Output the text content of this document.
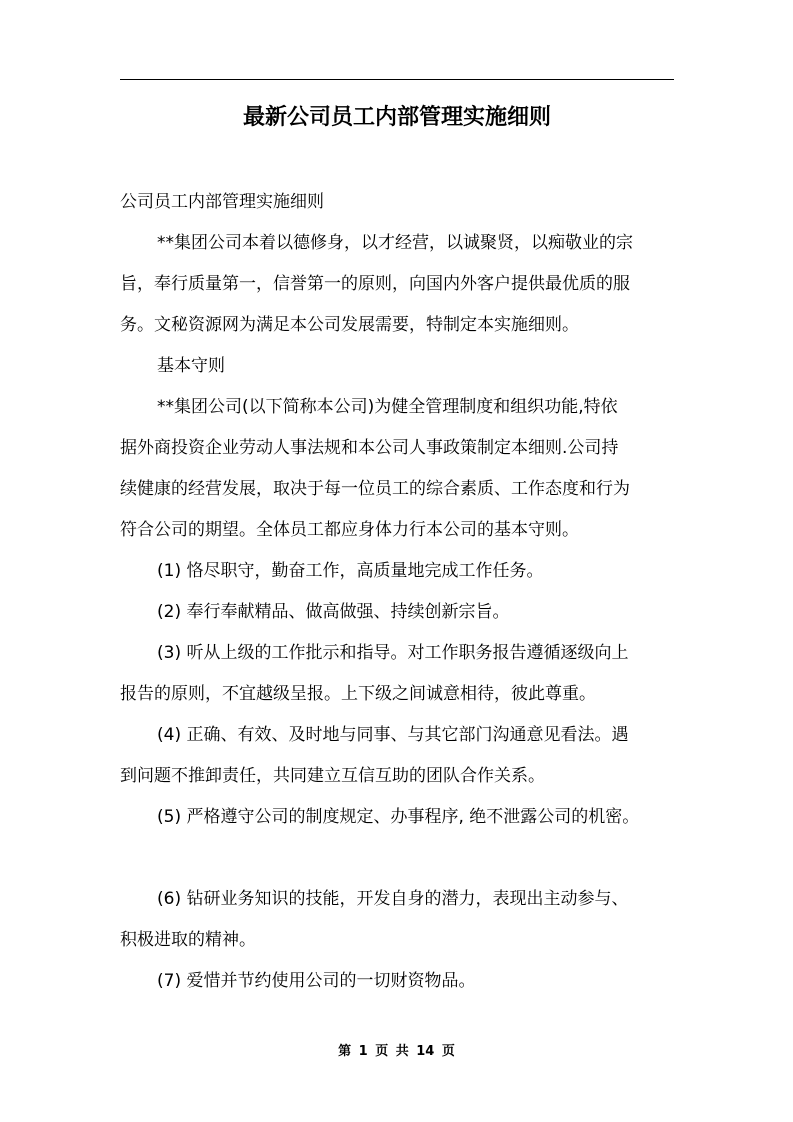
最新公司员工内部管理实施细则

公司员工内部管理实施细则

**集团公司本着以德修身，以才经营，以诚聚贤，以痴敬业的宗

旨，奉行质量第一，信誉第一的原则，向国内外客户提供最优质的服

务。文秘资源网为满足本公司发展需要，特制定本实施细则。

基本守则

**集团公司(以下简称本公司)为健全管理制度和组织功能,特依

据外商投资企业劳动人事法规和本公司人事政策制定本细则.公司持

续健康的经营发展，取决于每一位员工的综合素质、工作态度和行为

符合公司的期望。全体员工都应身体力行本公司的基本守则。

(1) 恪尽职守，勤奋工作，高质量地完成工作任务。

(2) 奉行奉献精品、做高做强、持续创新宗旨。

(3) 听从上级的工作批示和指导。对工作职务报告遵循逐级向上

报告的原则，不宜越级呈报。上下级之间诚意相待，彼此尊重。

(4) 正确、有效、及时地与同事、与其它部门沟通意见看法。遇

到问题不推卸责任，共同建立互信互助的团队合作关系。

(5) 严格遵守公司的制度规定、办事程序, 绝不泄露公司的机密。

(6) 钻研业务知识的技能，开发自身的潜力，表现出主动参与、

积极进取的精神。

(7) 爱惜并节约使用公司的一切财资物品。

第 1 页 共 14 页
